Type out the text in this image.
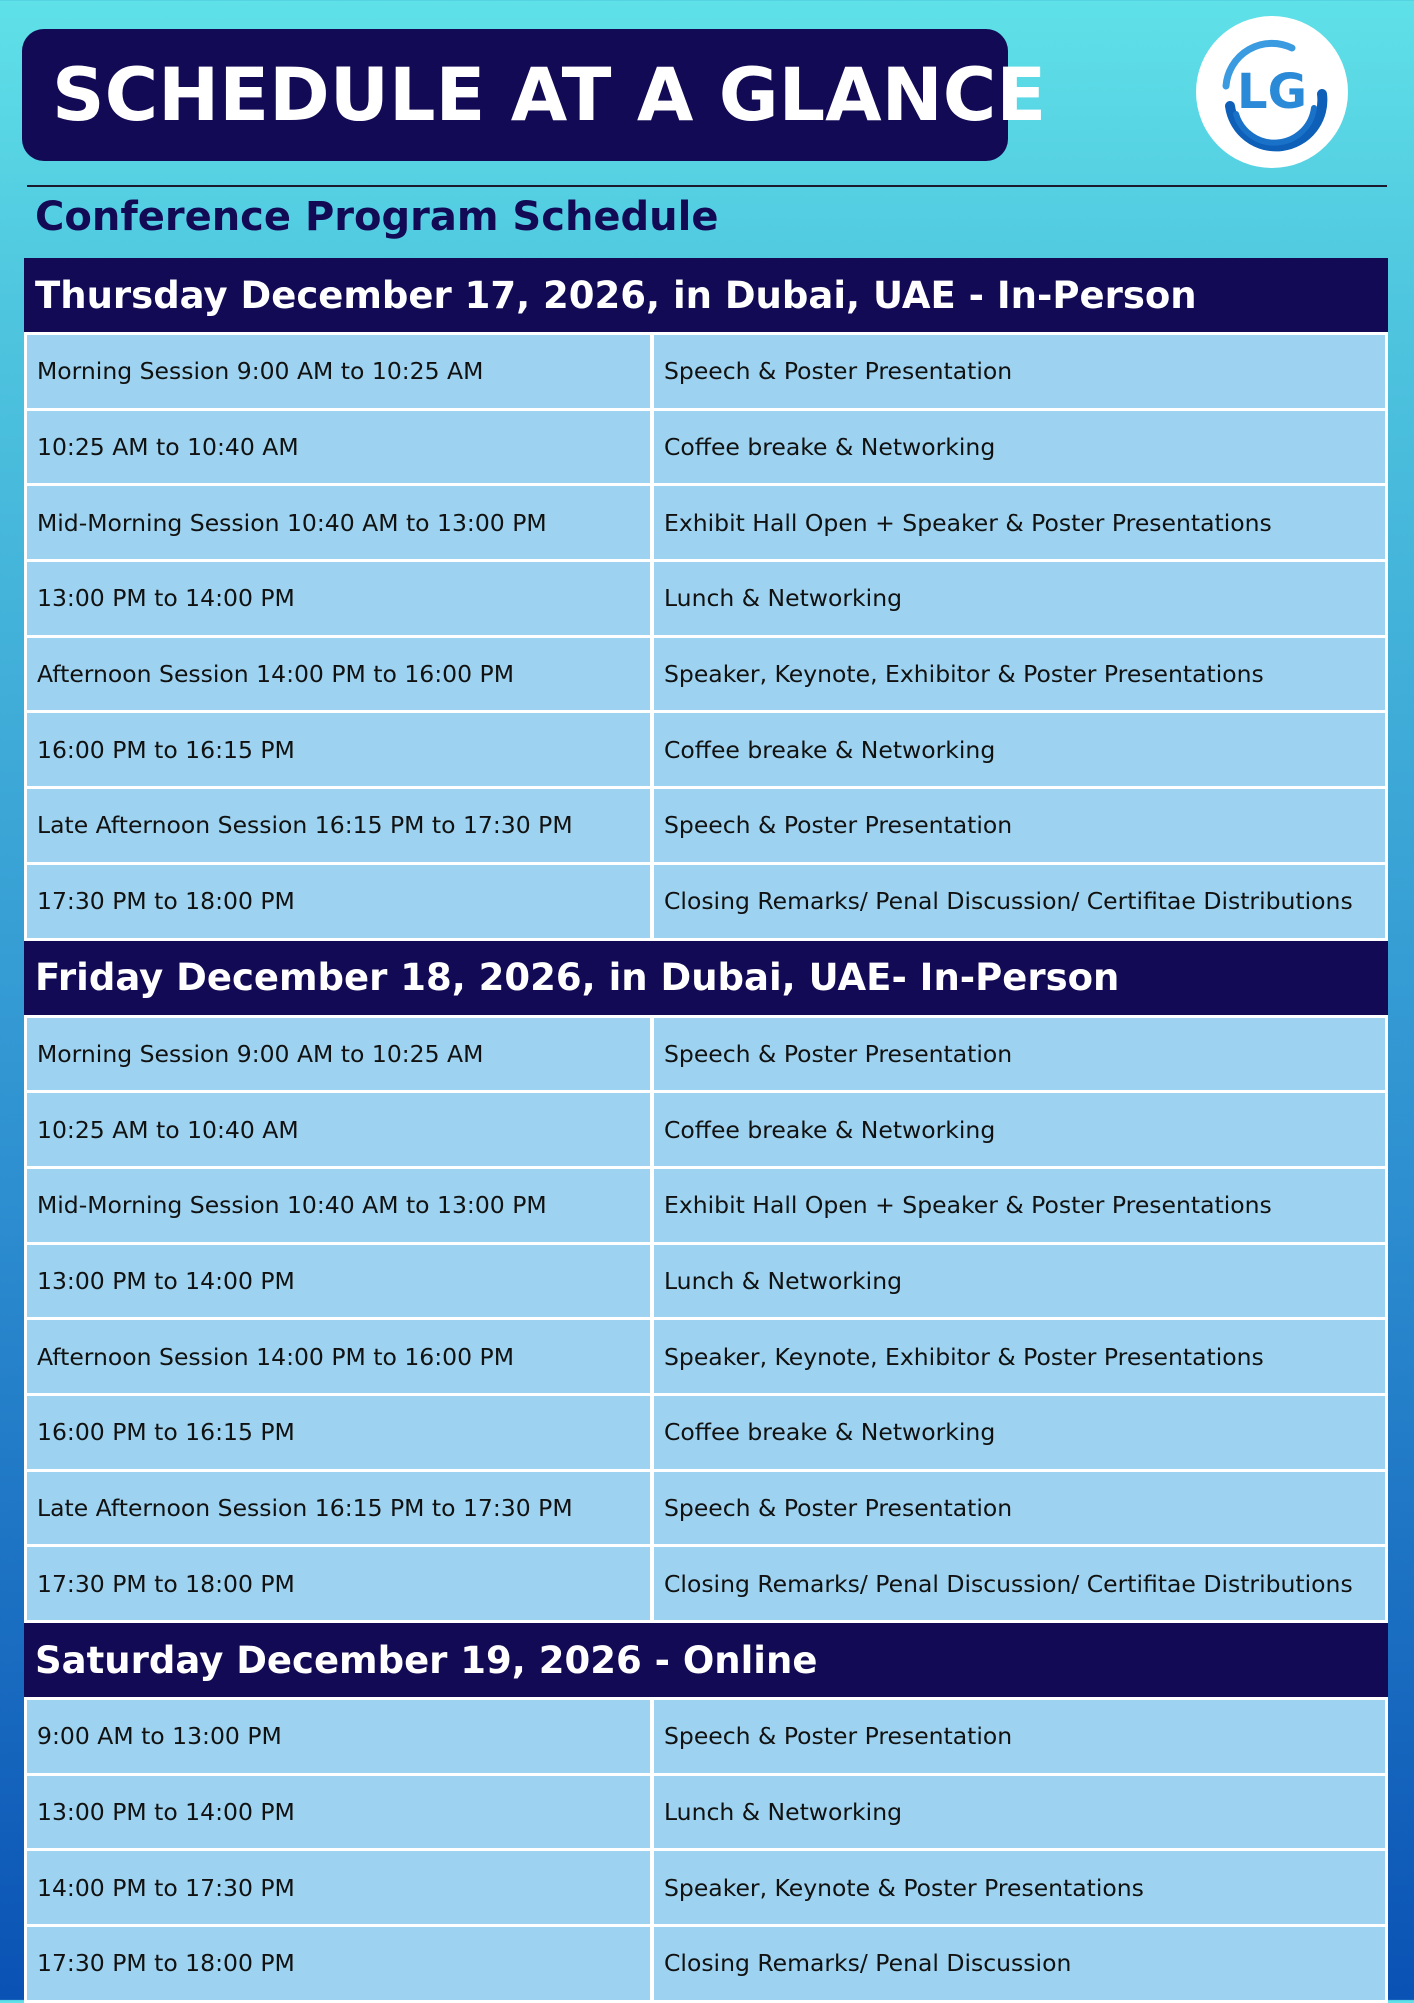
SCHEDULE AT A GLANCE	LG
Conference Program Schedule
Thursday December 17, 2026, in Dubai, UAE - In-Person
Morning Session 9:00 AM to 10:25 AM	Speech & Poster Presentation
10:25 AM to 10:40 AM	Coffee breake & Networking
Mid-Morning Session 10:40 AM to 13:00 PM	Exhibit Hall Open + Speaker & Poster Presentations
13:00 PM to 14:00 PM	Lunch & Networking
Afternoon Session 14:00 PM to 16:00 PM	Speaker, Keynote, Exhibitor & Poster Presentations
16:00 PM to 16:15 PM	Coffee breake & Networking
Late Afternoon Session 16:15 PM to 17:30 PM	Speech & Poster Presentation
17:30 PM to 18:00 PM	Closing Remarks/ Penal Discussion/ Certifitae Distributions
Friday December 18, 2026, in Dubai, UAE- In-Person
Morning Session 9:00 AM to 10:25 AM	Speech & Poster Presentation
10:25 AM to 10:40 AM	Coffee breake & Networking
Mid-Morning Session 10:40 AM to 13:00 PM	Exhibit Hall Open + Speaker & Poster Presentations
13:00 PM to 14:00 PM	Lunch & Networking
Afternoon Session 14:00 PM to 16:00 PM	Speaker, Keynote, Exhibitor & Poster Presentations
16:00 PM to 16:15 PM	Coffee breake & Networking
Late Afternoon Session 16:15 PM to 17:30 PM	Speech & Poster Presentation
17:30 PM to 18:00 PM	Closing Remarks/ Penal Discussion/ Certifitae Distributions
Saturday December 19, 2026 - Online
9:00 AM to 13:00 PM	Speech & Poster Presentation
13:00 PM to 14:00 PM	Lunch & Networking
14:00 PM to 17:30 PM	Speaker, Keynote & Poster Presentations
17:30 PM to 18:00 PM	Closing Remarks/ Penal Discussion
